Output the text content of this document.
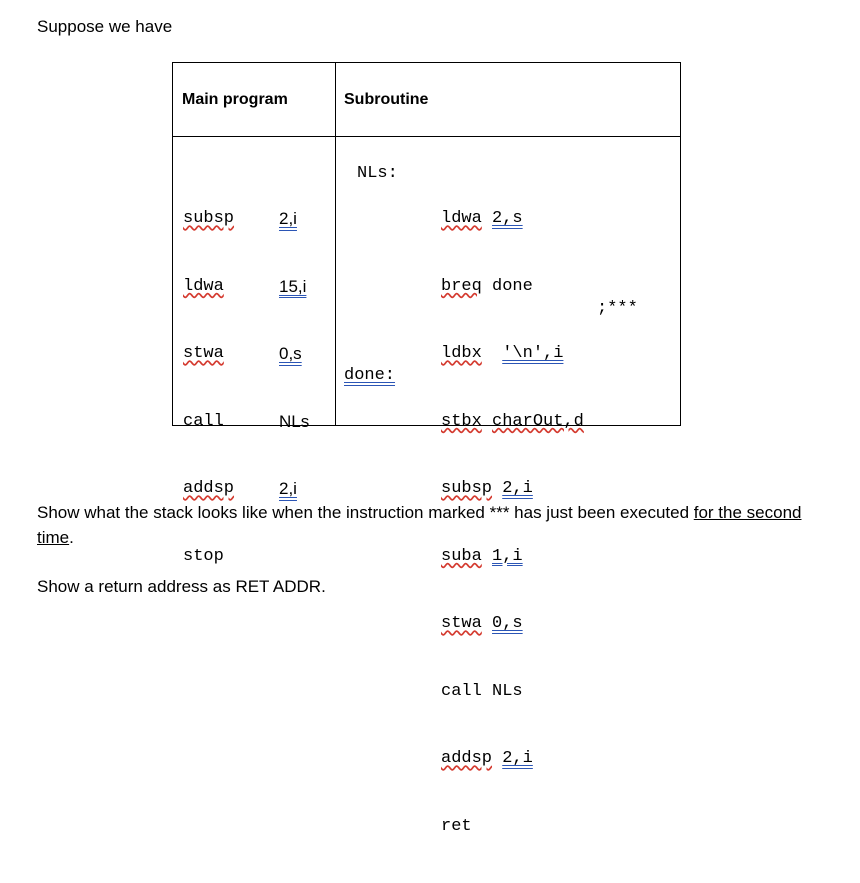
Suppose we have
Main program	Subroutine

subsp

ldwa

stwa

call

addsp

stop

2,i

15,i

0,s

NLs

2,i

NLs:
done:

ldwa 2,s

breq done

ldbx '\n',i

stbx charOut,d

subsp 2,i

suba 1,i

stwa 0,s

call NLs

addsp 2,i

ret

;***
Show what the stack looks like when the instruction marked *** has just been executed for the second time.
Show a return address as RET ADDR.
